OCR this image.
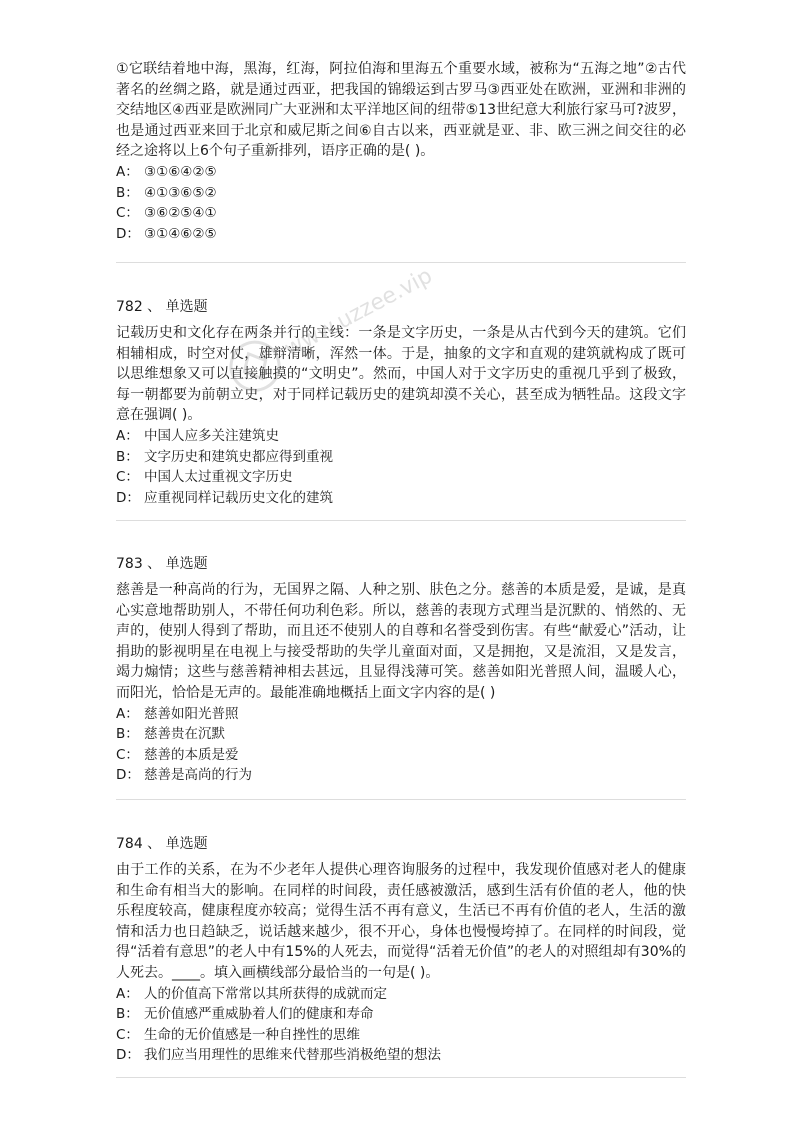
①它联结着地中海，黑海，红海，阿拉伯海和里海五个重要水域，被称为“五海之地”②古代著名的丝绸之路，就是通过西亚，把我国的锦缎运到古罗马③西亚处在欧洲，亚洲和非洲的交结地区④西亚是欧洲同广大亚洲和太平洋地区间的纽带⑤13世纪意大利旅行家马可?波罗，也是通过西亚来回于北京和威尼斯之间⑥自古以来，西亚就是亚、非、欧三洲之间交往的必经之途将以上6个句子重新排列，语序正确的是( )。
A： ③①⑥④②⑤
B： ④①③⑥⑤②
C： ③⑥②⑤④①
D： ③①④⑥②⑤
782 、 单选题
记载历史和文化存在两条并行的主线：一条是文字历史，一条是从古代到今天的建筑。它们相辅相成，时空对仗，雄辩清晰，浑然一体。于是，抽象的文字和直观的建筑就构成了既可以思维想象又可以直接触摸的“文明史”。然而，中国人对于文字历史的重视几乎到了极致，每一朝都要为前朝立史，对于同样记载历史的建筑却漠不关心，甚至成为牺牲品。这段文字意在强调( )。
A： 中国人应多关注建筑史
B： 文字历史和建筑史都应得到重视
C： 中国人太过重视文字历史
D： 应重视同样记载历史文化的建筑
783 、 单选题
慈善是一种高尚的行为，无国界之隔、人种之别、肤色之分。慈善的本质是爱，是诚，是真心实意地帮助别人，不带任何功利色彩。所以，慈善的表现方式理当是沉默的、悄然的、无声的，使别人得到了帮助，而且还不使别人的自尊和名誉受到伤害。有些“献爱心”活动，让捐助的影视明星在电视上与接受帮助的失学儿童面对面，又是拥抱，又是流泪，又是发言，竭力煽情；这些与慈善精神相去甚远，且显得浅薄可笑。慈善如阳光普照人间，温暖人心，而阳光，恰恰是无声的。最能准确地概括上面文字内容的是( )
A： 慈善如阳光普照
B： 慈善贵在沉默
C： 慈善的本质是爱
D： 慈善是高尚的行为
784 、 单选题
由于工作的关系，在为不少老年人提供心理咨询服务的过程中，我发现价值感对老人的健康和生命有相当大的影响。在同样的时间段，责任感被激活，感到生活有价值的老人，他的快乐程度较高，健康程度亦较高；觉得生活不再有意义，生活已不再有价值的老人，生活的激情和活力也日趋缺乏，说话越来越少，很不开心，身体也慢慢垮掉了。在同样的时间段，觉得“活着有意思”的老人中有15%的人死去，而觉得“活着无价值”的老人的对照组却有30%的人死去。____。填入画横线部分最恰当的一句是( )。
A： 人的价值高下常常以其所获得的成就而定
B： 无价值感严重威胁着人们的健康和寿命
C： 生命的无价值感是一种自挫性的思维
D： 我们应当用理性的思维来代替那些消极绝望的想法
www.uzzee.vip
